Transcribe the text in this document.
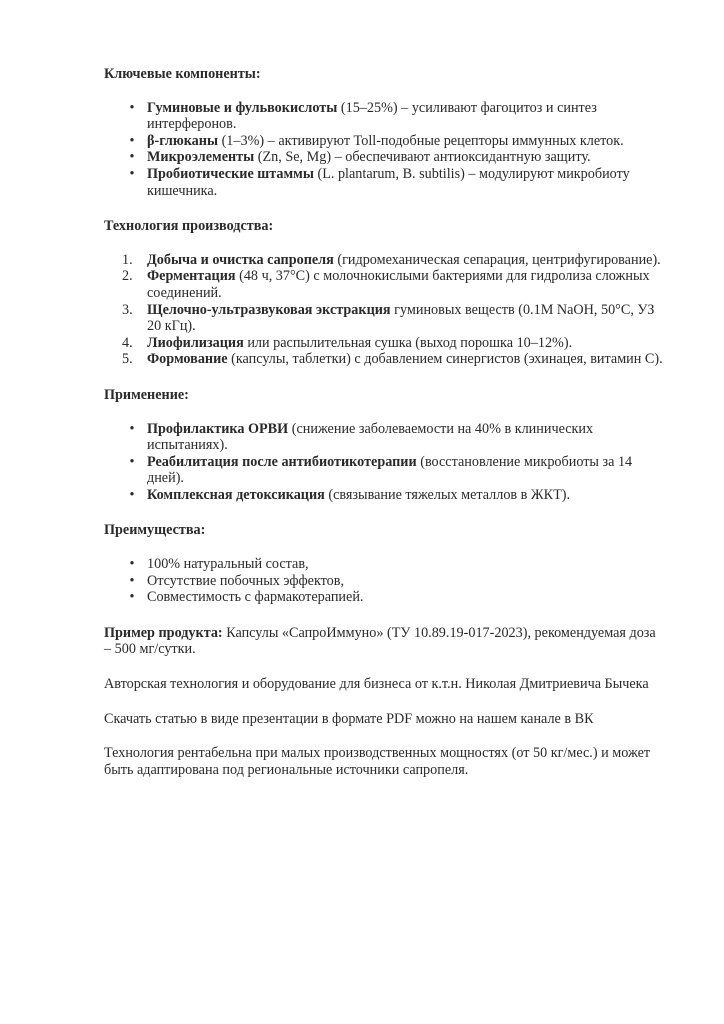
Ключевые компоненты:
• Гуминовые и фульвокислоты (15–25%) – усиливают фагоцитоз и синтез интерферонов.
• β-глюканы (1–3%) – активируют Toll-подобные рецепторы иммунных клеток.
• Микроэлементы (Zn, Se, Mg) – обеспечивают антиоксидантную защиту.
• Пробиотические штаммы (L. plantarum, B. subtilis) – модулируют микробиоту кишечника.
Технология производства:
1.	Добыча и очистка сапропеля (гидромеханическая сепарация, центрифугирование).
2.	Ферментация (48 ч, 37°C) с молочнокислыми бактериями для гидролиза сложных соединений.
3.	Щелочно-ультразвуковая экстракция гуминовых веществ (0.1M NaOH, 50°C, УЗ 20 кГц).
4.	Лиофилизация или распылительная сушка (выход порошка 10–12%).
5.	Формование (капсулы, таблетки) с добавлением синергистов (эхинацея, витамин С).
Применение:
• Профилактика ОРВИ (снижение заболеваемости на 40% в клинических испытаниях).
• Реабилитация после антибиотикотерапии (восстановление микробиоты за 14 дней).
• Комплексная детоксикация (связывание тяжелых металлов в ЖКТ).
Преимущества:
• 100% натуральный состав,
• Отсутствие побочных эффектов,
• Совместимость с фармакотерапией.

Пример продукта: Капсулы «СапроИммуно» (ТУ 10.89.19-017-2023), рекомендуемая доза – 500 мг/сутки.

Авторская технология и оборудование для бизнеса от к.т.н. Николая Дмитриевича Бычека

Скачать статью в виде презентации в формате PDF можно на нашем канале в ВК

Технология рентабельна при малых производственных мощностях (от 50 кг/мес.) и может быть адаптирована под региональные источники сапропеля.
